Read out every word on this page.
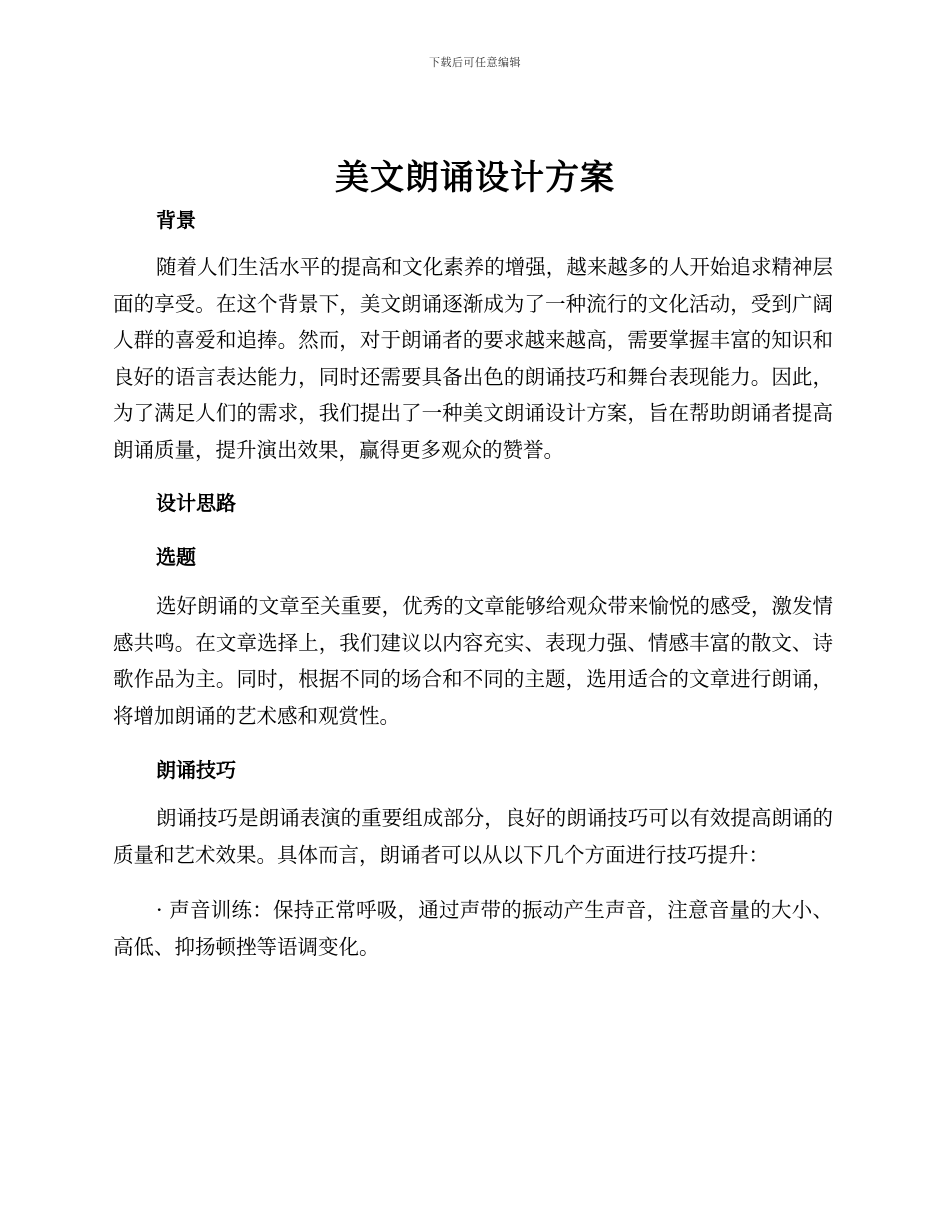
下载后可任意编辑
美文朗诵设计方案
背景

随着人们生活水平的提高和文化素养的增强，越来越多的人开始追求精神层面的享受。在这个背景下，美文朗诵逐渐成为了一种流行的文化活动，受到广阔人群的喜爱和追捧。然而，对于朗诵者的要求越来越高，需要掌握丰富的知识和良好的语言表达能力，同时还需要具备出色的朗诵技巧和舞台表现能力。因此，为了满足人们的需求，我们提出了一种美文朗诵设计方案，旨在帮助朗诵者提高朗诵质量，提升演出效果，赢得更多观众的赞誉。

设计思路
选题

选好朗诵的文章至关重要，优秀的文章能够给观众带来愉悦的感受，激发情感共鸣。在文章选择上，我们建议以内容充实、表现力强、情感丰富的散文、诗歌作品为主。同时，根据不同的场合和不同的主题，选用适合的文章进行朗诵，将增加朗诵的艺术感和观赏性。

朗诵技巧

朗诵技巧是朗诵表演的重要组成部分，良好的朗诵技巧可以有效提高朗诵的质量和艺术效果。具体而言，朗诵者可以从以下几个方面进行技巧提升：

· 声音训练：保持正常呼吸，通过声带的振动产生声音，注意音量的大小、高低、抑扬顿挫等语调变化。
